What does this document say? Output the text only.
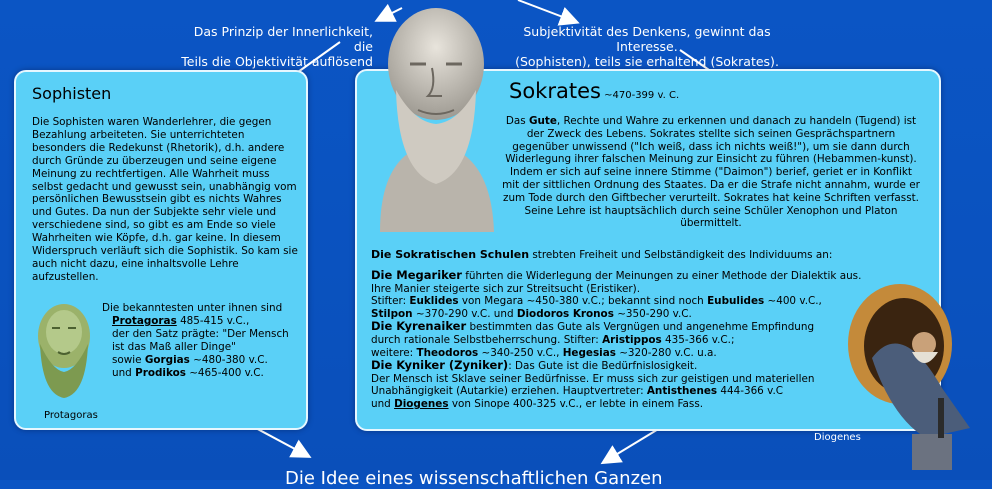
Das Prinzip der Innerlichkeit, die
Teils die Objektivität auflösend
Subjektivität des Denkens, gewinnt das Interesse.
(Sophisten), teils sie erhaltend (Sokrates).
Sophisten
Die Sophisten waren Wanderlehrer, die gegen Bezahlung arbeiteten. Sie unterrichteten besonders die Redekunst (Rhetorik), d.h. andere durch Gründe zu überzeugen und seine eigene Meinung zu rechtfertigen. Alle Wahrheit muss selbst gedacht und gewusst sein, unabhängig vom persönlichen Bewusstsein gibt es nichts Wahres und Gutes. Da nun der Subjekte sehr viele und verschiedene sind, so gibt es am Ende so viele Wahrheiten wie Köpfe, d.h. gar keine. In diesem Widerspruch verläuft sich die Sophistik. So kam sie auch nicht dazu, eine inhaltsvolle Lehre aufzustellen.
Protagoras
Die bekanntesten unter ihnen sind
Protagoras 485-415 v.C.,
der den Satz prägte: "Der Mensch ist das Maß aller Dinge"
sowie Gorgias ~480-380 v.C.
und Prodikos ~465-400 v.C.
Sokrates ~470-399 v. C.
Das Gute, Rechte und Wahre zu erkennen und danach zu handeln (Tugend) ist der Zweck des Lebens. Sokrates stellte sich seinen Gesprächspartnern gegenüber unwissend ("Ich weiß, dass ich nichts weiß!"), um sie dann durch Widerlegung ihrer falschen Meinung zur Einsicht zu führen (Hebammen-kunst). Indem er sich auf seine innere Stimme ("Daimon") berief, geriet er in Konflikt mit der sittlichen Ordnung des Staates. Da er die Strafe nicht annahm, wurde er zum Tode durch den Giftbecher verurteilt. Sokrates hat keine Schriften verfasst. Seine Lehre ist hauptsächlich durch seine Schüler Xenophon und Platon übermittelt.
Die Sokratischen Schulen strebten Freiheit und Selbständigkeit des Individuums an:
Die Megariker führten die Widerlegung der Meinungen zu einer Methode der Dialektik aus.
Ihre Manier steigerte sich zur Streitsucht (Eristiker).
Stifter: Euklides von Megara ~450-380 v.C.; bekannt sind noch Eubulides ~400 v.C.,
Stilpon ~370-290 v.C. und Diodoros Kronos ~350-290 v.C.
Die Kyrenaiker bestimmten das Gute als Vergnügen und angenehme Empfindung
durch rationale Selbstbeherrschung. Stifter: Aristippos 435-366 v.C.;
weitere: Theodoros ~340-250 v.C., Hegesias ~320-280 v.C. u.a.
Die Kyniker (Zyniker): Das Gute ist die Bedürfnislosigkeit.
Der Mensch ist Sklave seiner Bedürfnisse. Er muss sich zur geistigen und materiellen
Unabhängigkeit (Autarkie) erziehen. Hauptvertreter: Antisthenes 444-366 v.C
und Diogenes von Sinope 400-325 v.C., er lebte in einem Fass.
Diogenes
Die Idee eines wissenschaftlichen Ganzen
